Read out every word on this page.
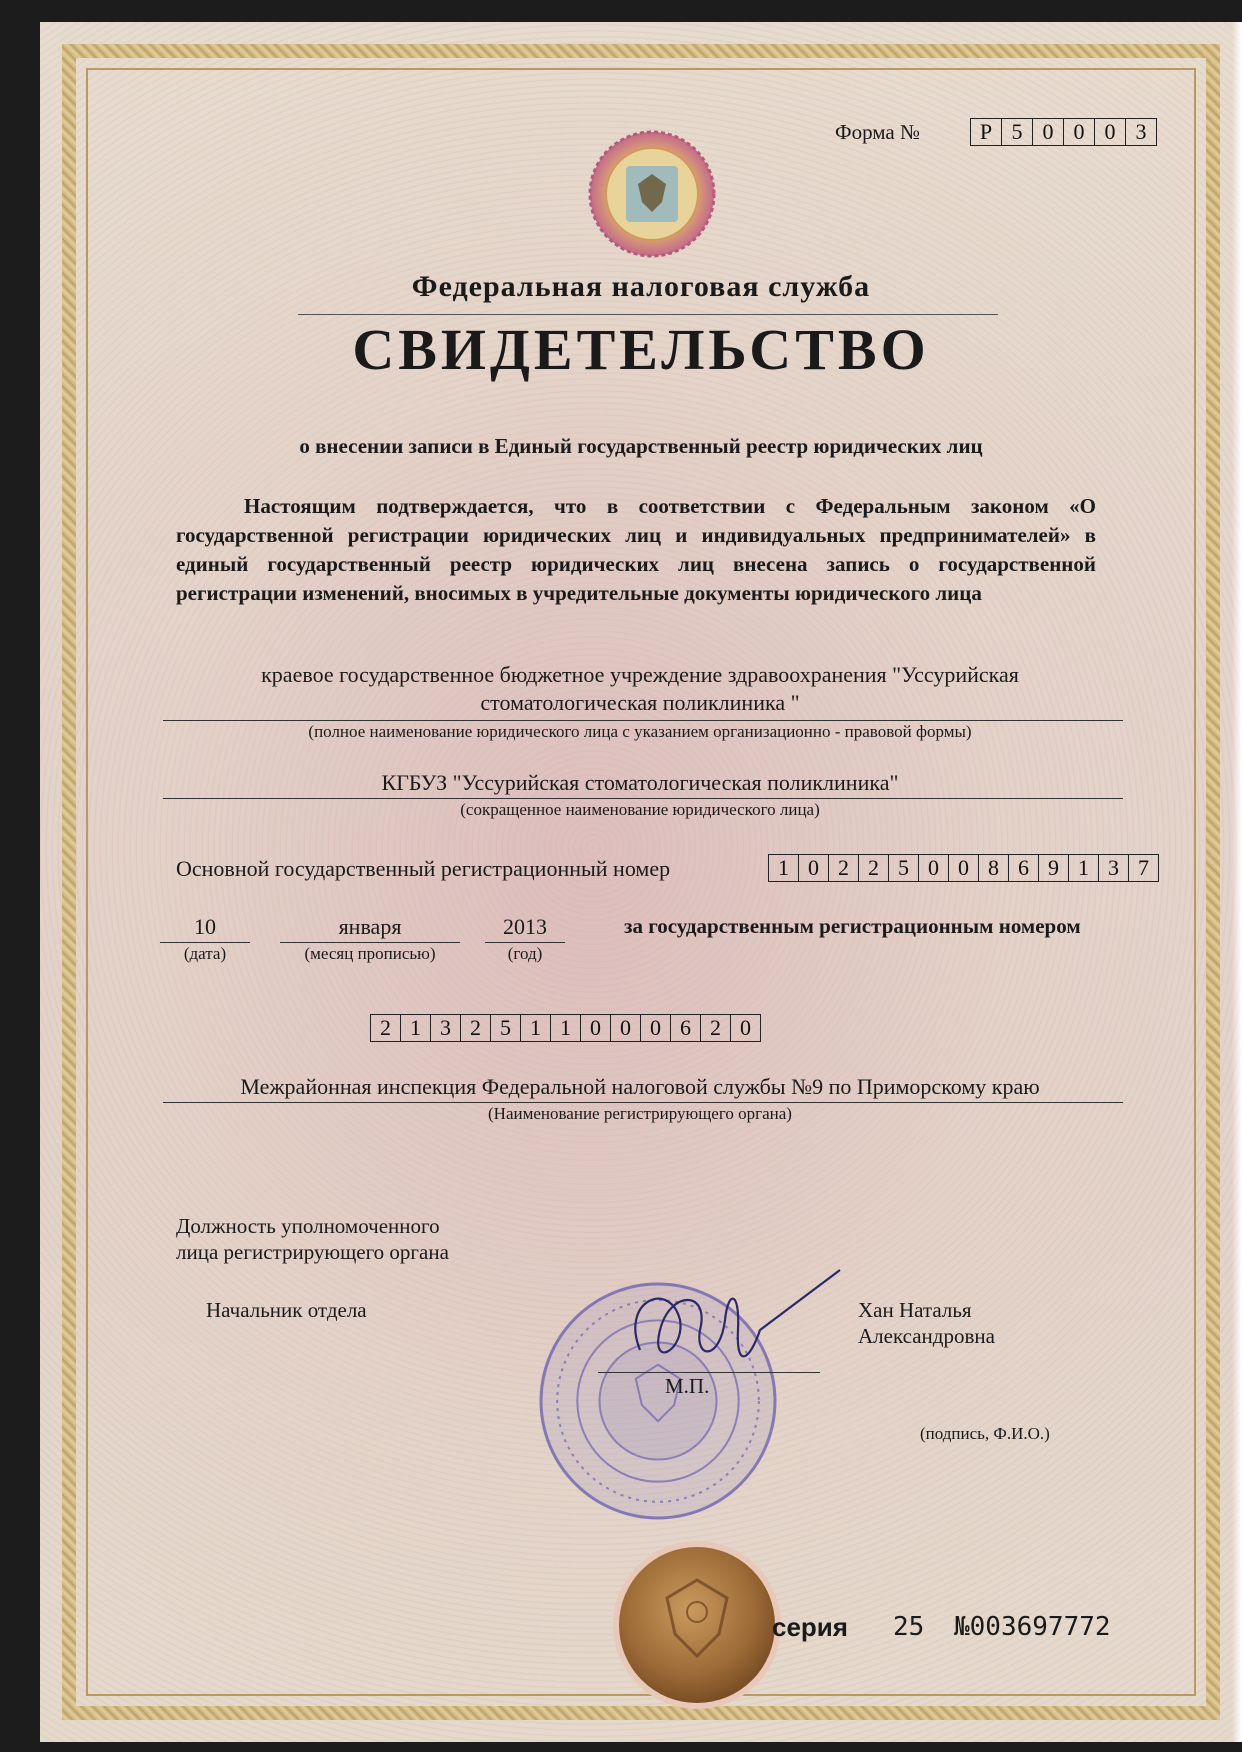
Форма №	Р 5 0 0 0 3
Федеральная налоговая служба
СВИДЕТЕЛЬСТВО
о внесении записи в Единый государственный реестр юридических лиц
Настоящим подтверждается, что в соответствии с Федеральным законом «О государственной регистрации юридических лиц и индивидуальных предпринимателей» в единый государственный реестр юридических лиц внесена запись о государственной регистрации изменений, вносимых в учредительные документы юридического лица
краевое государственное бюджетное учреждение здравоохранения "Уссурийская
стоматологическая поликлиника "
(полное наименование юридического лица с указанием организационно - правовой формы)
КГБУЗ "Уссурийская стоматологическая поликлиника"
(сокращенное наименование юридического лица)
Основной государственный регистрационный номер	1 0 2 2 5 0 0 8 6 9 1 3 7
10
(дата)
января
(месяц прописью)
2013
(год)
за государственным регистрационным номером
2 1 3 2 5 1 1 0 0 0 6 2 0
Межрайонная инспекция Федеральной налоговой службы №9 по Приморскому краю
(Наименование регистрирующего органа)
Должность уполномоченного
лица регистрирующего органа
Начальник отдела
М.П.
Хан Наталья
Александровна
(подпись, Ф.И.О.)
серия 25 №003697772
